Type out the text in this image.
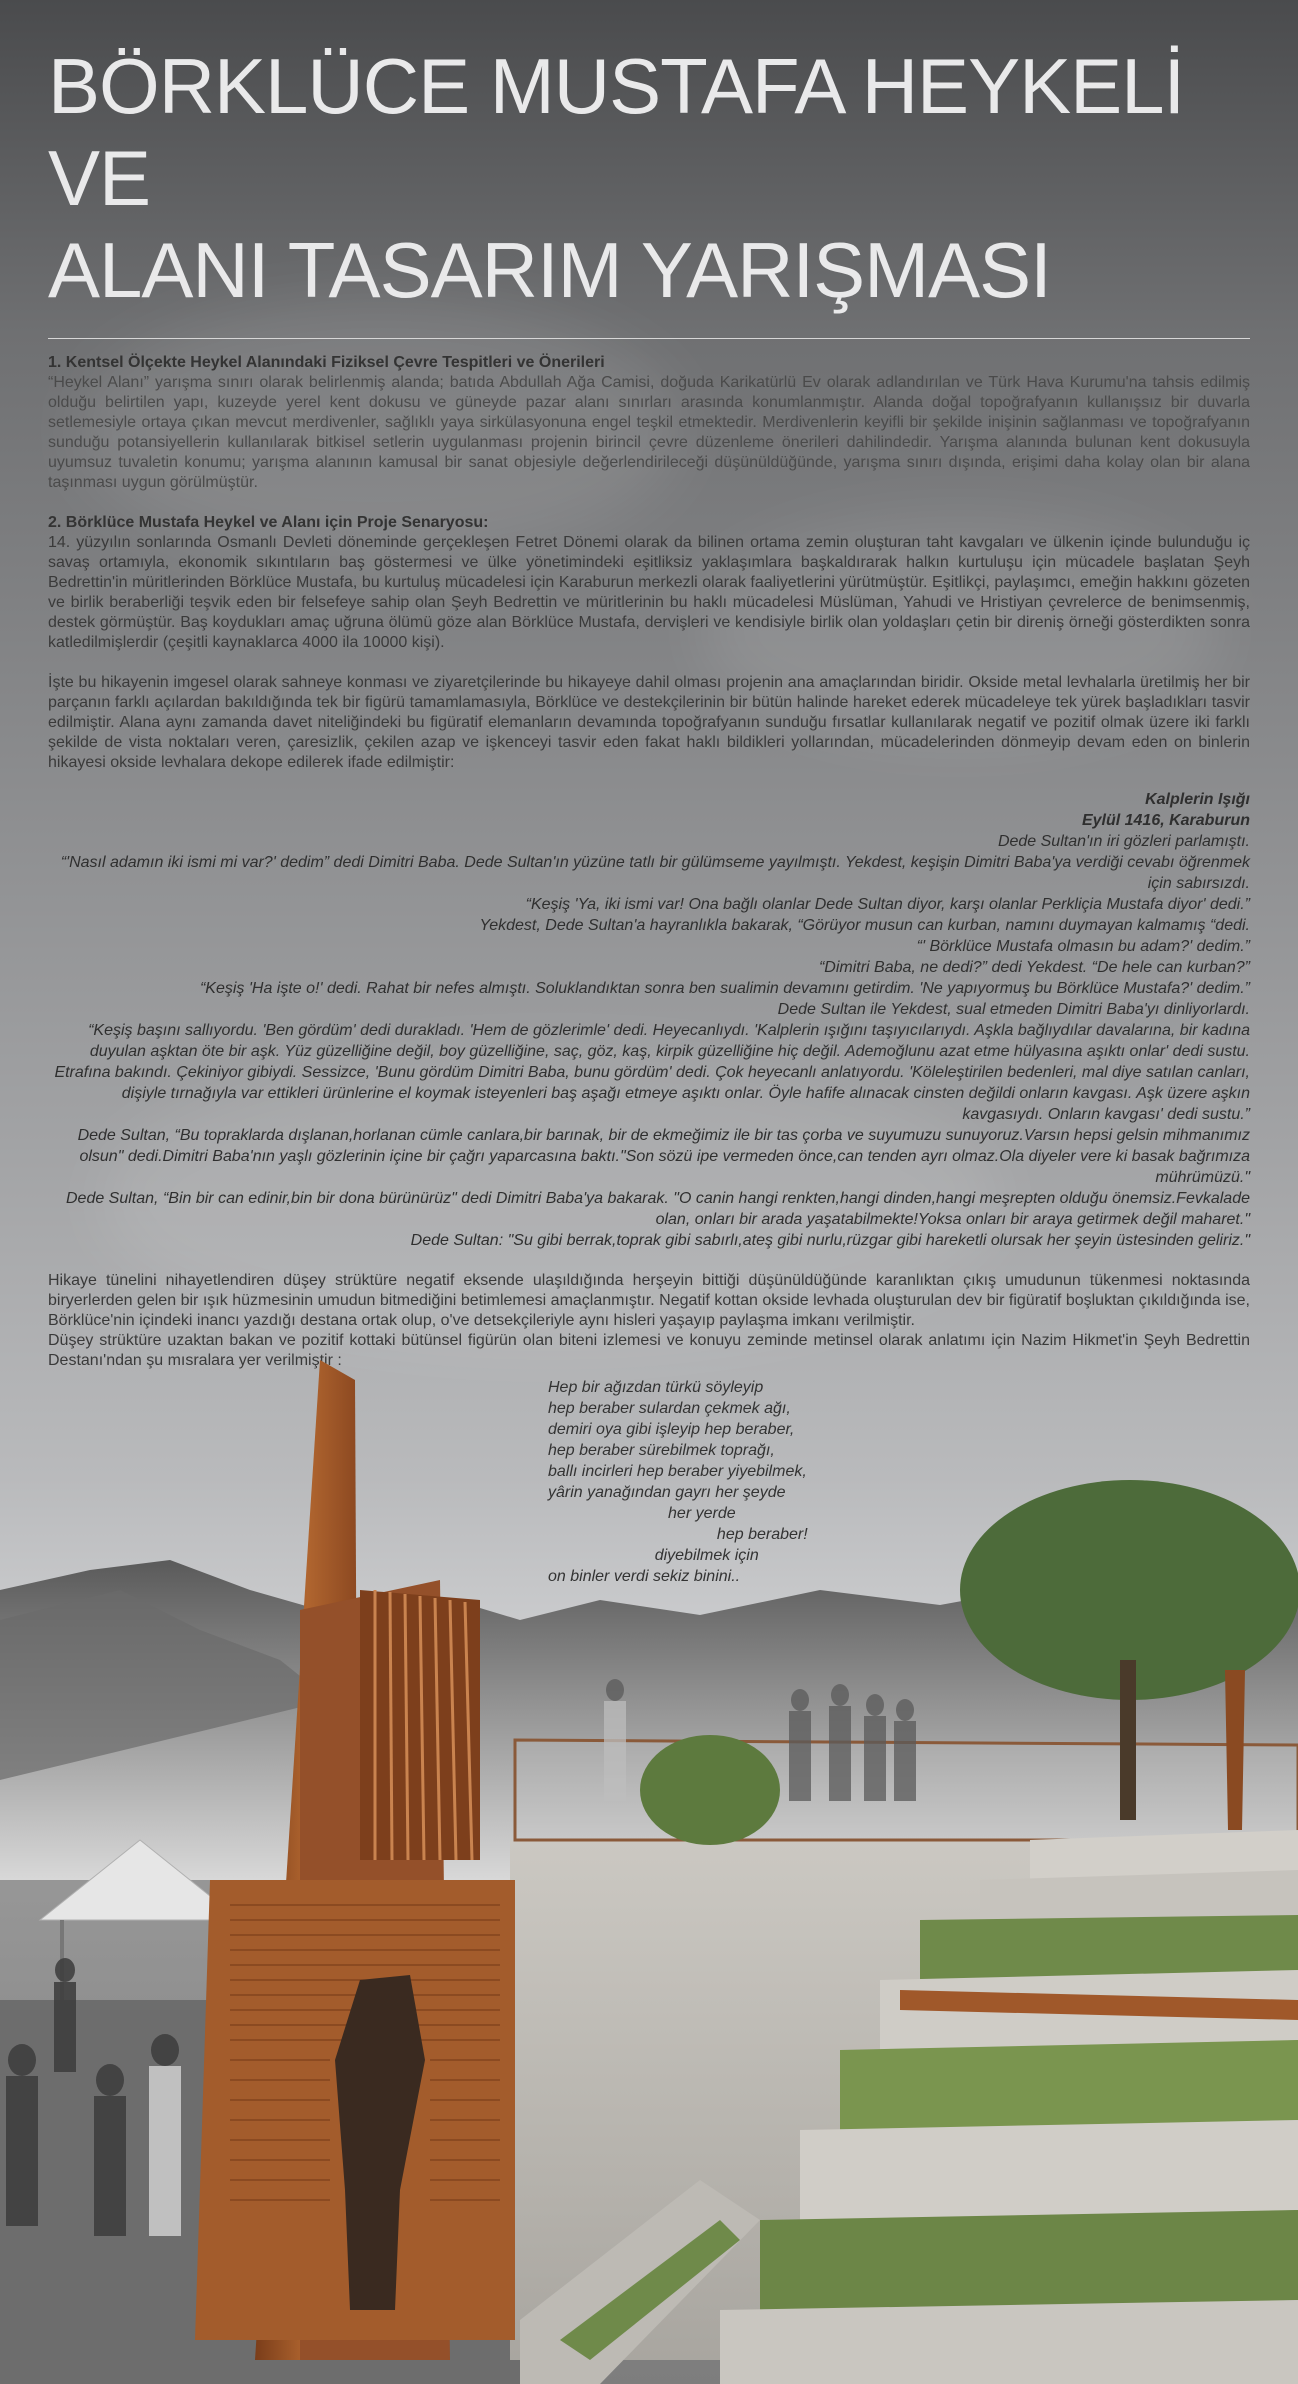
BÖRKLÜCE MUSTAFA HEYKELİ VE
ALANI TASARIM YARIŞMASI
1. Kentsel Ölçekte Heykel Alanındaki Fiziksel Çevre Tespitleri ve Önerileri
“Heykel Alanı” yarışma sınırı olarak belirlenmiş alanda; batıda Abdullah Ağa Camisi, doğuda Karikatürlü Ev olarak adlandırılan ve Türk Hava Kurumu'na tahsis edilmiş olduğu belirtilen yapı, kuzeyde yerel kent dokusu ve güneyde pazar alanı sınırları arasında konumlanmıştır. Alanda doğal topoğrafyanın kullanışsız bir duvarla setlemesiyle ortaya çıkan mevcut merdivenler, sağlıklı yaya sirkülasyonuna engel teşkil etmektedir. Merdivenlerin keyifli bir şekilde inişinin sağlanması ve topoğrafyanın sunduğu potansiyellerin kullanılarak bitkisel setlerin uygulanması projenin birincil çevre düzenleme önerileri dahilindedir. Yarışma alanında bulunan kent dokusuyla uyumsuz tuvaletin konumu; yarışma alanının kamusal bir sanat objesiyle değerlendirileceği düşünüldüğünde, yarışma sınırı dışında, erişimi daha kolay olan bir alana taşınması uygun görülmüştür.
2. Börklüce Mustafa Heykel ve Alanı için Proje Senaryosu:
14. yüzyılın sonlarında Osmanlı Devleti döneminde gerçekleşen Fetret Dönemi olarak da bilinen ortama zemin oluşturan taht kavgaları ve ülkenin içinde bulunduğu iç savaş ortamıyla, ekonomik sıkıntıların baş göstermesi ve ülke yönetimindeki eşitliksiz yaklaşımlara başkaldırarak halkın kurtuluşu için mücadele başlatan Şeyh Bedrettin'in müritlerinden Börklüce Mustafa, bu kurtuluş mücadelesi için Karaburun merkezli olarak faaliyetlerini yürütmüştür. Eşitlikçi, paylaşımcı, emeğin hakkını gözeten ve birlik beraberliği teşvik eden bir felsefeye sahip olan Şeyh Bedrettin ve müritlerinin bu haklı mücadelesi Müslüman, Yahudi ve Hristiyan çevrelerce de benimsenmiş, destek görmüştür. Baş koydukları amaç uğruna ölümü göze alan Börklüce Mustafa, dervişleri ve kendisiyle birlik olan yoldaşları çetin bir direniş örneği gösterdikten sonra katledilmişlerdir (çeşitli kaynaklarca 4000 ila 10000 kişi).
İşte bu hikayenin imgesel olarak sahneye konması ve ziyaretçilerinde bu hikayeye dahil olması projenin ana amaçlarından biridir. Okside metal levhalarla üretilmiş her bir parçanın farklı açılardan bakıldığında tek bir figürü tamamlamasıyla, Börklüce ve destekçilerinin bir bütün halinde hareket ederek mücadeleye tek yürek başladıkları tasvir edilmiştir. Alana aynı zamanda davet niteliğindeki bu figüratif elemanların devamında topoğrafyanın sunduğu fırsatlar kullanılarak negatif ve pozitif olmak üzere iki farklı şekilde de vista noktaları veren, çaresizlik, çekilen azap ve işkenceyi tasvir eden fakat haklı bildikleri yollarından, mücadelerinden dönmeyip devam eden on binlerin hikayesi okside levhalara dekope edilerek ifade edilmiştir:
Kalplerin Işığı
Eylül 1416, Karaburun
Dede Sultan'ın iri gözleri parlamıştı.
“'Nasıl adamın iki ismi mi var?' dedim” dedi Dimitri Baba. Dede Sultan'ın yüzüne tatlı bir gülümseme yayılmıştı. Yekdest, keşişin Dimitri Baba'ya verdiği cevabı öğrenmek için sabırsızdı.
“Keşiş 'Ya, iki ismi var! Ona bağlı olanlar Dede Sultan diyor, karşı olanlar Perkliçia Mustafa diyor' dedi.”
Yekdest, Dede Sultan'a hayranlıkla bakarak, “Görüyor musun can kurban, namını duymayan kalmamış “dedi.
“' Börklüce Mustafa olmasın bu adam?' dedim.”
“Dimitri Baba, ne dedi?” dedi Yekdest. “De hele can kurban?”
“Keşiş 'Ha işte o!' dedi. Rahat bir nefes almıştı. Soluklandıktan sonra ben sualimin devamını getirdim. 'Ne yapıyormuş bu Börklüce Mustafa?' dedim.”
Dede Sultan ile Yekdest, sual etmeden Dimitri Baba'yı dinliyorlardı.
“Keşiş başını sallıyordu. 'Ben gördüm' dedi durakladı. 'Hem de gözlerimle' dedi. Heyecanlıydı. 'Kalplerin ışığını taşıyıcılarıydı. Aşkla bağlıydılar davalarına, bir kadına duyulan aşktan öte bir aşk. Yüz güzelliğine değil, boy güzelliğine, saç, göz, kaş, kirpik güzelliğine hiç değil. Ademoğlunu azat etme hülyasına aşıktı onlar' dedi sustu. Etrafına bakındı. Çekiniyor gibiydi. Sessizce, 'Bunu gördüm Dimitri Baba, bunu gördüm' dedi. Çok heyecanlı anlatıyordu. 'Köleleştirilen bedenleri, mal diye satılan canları, dişiyle tırnağıyla var ettikleri ürünlerine el koymak isteyenleri baş aşağı etmeye aşıktı onlar. Öyle hafife alınacak cinsten değildi onların kavgası. Aşk üzere aşkın kavgasıydı. Onların kavgası' dedi sustu.”
Dede Sultan, “Bu topraklarda dışlanan,horlanan cümle canlara,bir barınak, bir de ekmeğimiz ile bir tas çorba ve suyumuzu sunuyoruz.Varsın hepsi gelsin mihmanımız olsun" dedi.Dimitri Baba'nın yaşlı gözlerinin içine bir çağrı yaparcasına baktı."Son sözü ipe vermeden önce,can tenden ayrı olmaz.Ola diyeler vere ki basak bağrımıza mührümüzü."
Dede Sultan, “Bin bir can edinir,bin bir dona bürünürüz" dedi Dimitri Baba'ya bakarak. "O canin hangi renkten,hangi dinden,hangi meşrepten olduğu önemsiz.Fevkalade olan, onları bir arada yaşatabilmekte!Yoksa onları bir araya getirmek değil maharet."
Dede Sultan: "Su gibi berrak,toprak gibi sabırlı,ateş gibi nurlu,rüzgar gibi hareketli olursak her şeyin üstesinden geliriz."
Hikaye tünelini nihayetlendiren düşey strüktüre negatif eksende ulaşıldığında herşeyin bittiği düşünüldüğünde karanlıktan çıkış umudunun tükenmesi noktasında biryerlerden gelen bir ışık hüzmesinin umudun bitmediğini betimlemesi amaçlanmıştır. Negatif kottan okside levhada oluşturulan dev bir figüratif boşluktan çıkıldığında ise, Börklüce'nin içindeki inancı yazdığı destana ortak olup, o've detsekçileriyle aynı hisleri yaşayıp paylaşma imkanı verilmiştir.
Düşey strüktüre uzaktan bakan ve pozitif kottaki bütünsel figürün olan biteni izlemesi ve konuyu zeminde metinsel olarak anlatımı için Nazim Hikmet'in Şeyh Bedrettin Destanı'ndan şu mısralara yer verilmiştir :
Hep bir ağızdan türkü söyleyip
hep beraber sulardan çekmek ağı,
demiri oya gibi işleyip hep beraber,
hep beraber sürebilmek toprağı,
ballı incirleri hep beraber yiyebilmek,
yârin yanağından gayrı her şeyde
her yerde
hep beraber!
diyebilmek için
on binler verdi sekiz binini..
